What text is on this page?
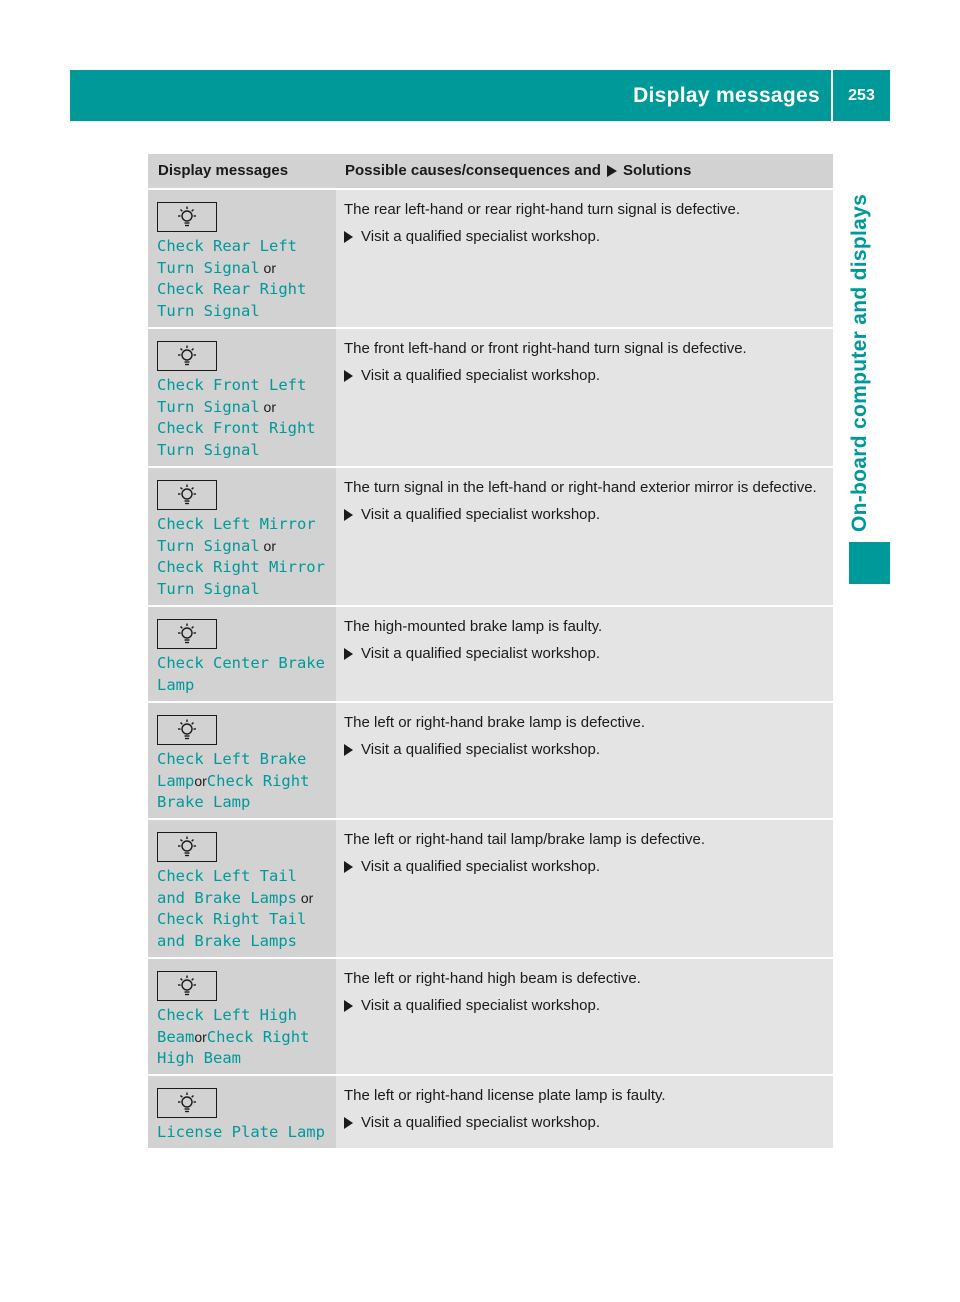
Display messages	253
On-board computer and displays
Display messages	Possible causes/consequences and Solutions
Check Rear Left
Turn Signal or
Check Rear Right
Turn Signal
The rear left-hand or rear right-hand turn signal is defective.
Visit a qualified specialist workshop.
Check Front Left
Turn Signal or
Check Front Right
Turn Signal
The front left-hand or front right-hand turn signal is defective.
Visit a qualified specialist workshop.
Check Left Mirror
Turn Signal or
Check Right Mirror
Turn Signal
The turn signal in the left-hand or right-hand exterior mirror is defective.
Visit a qualified specialist workshop.
Check Center Brake
Lamp
The high-mounted brake lamp is faulty.
Visit a qualified specialist workshop.
Check Left Brake
LamporCheck Right
Brake Lamp
The left or right-hand brake lamp is defective.
Visit a qualified specialist workshop.
Check Left Tail
and Brake Lamps or
Check Right Tail
and Brake Lamps
The left or right-hand tail lamp/brake lamp is defective.
Visit a qualified specialist workshop.
Check Left High
BeamorCheck Right
High Beam
The left or right-hand high beam is defective.
Visit a qualified specialist workshop.
License Plate Lamp
The left or right-hand license plate lamp is faulty.
Visit a qualified specialist workshop.
